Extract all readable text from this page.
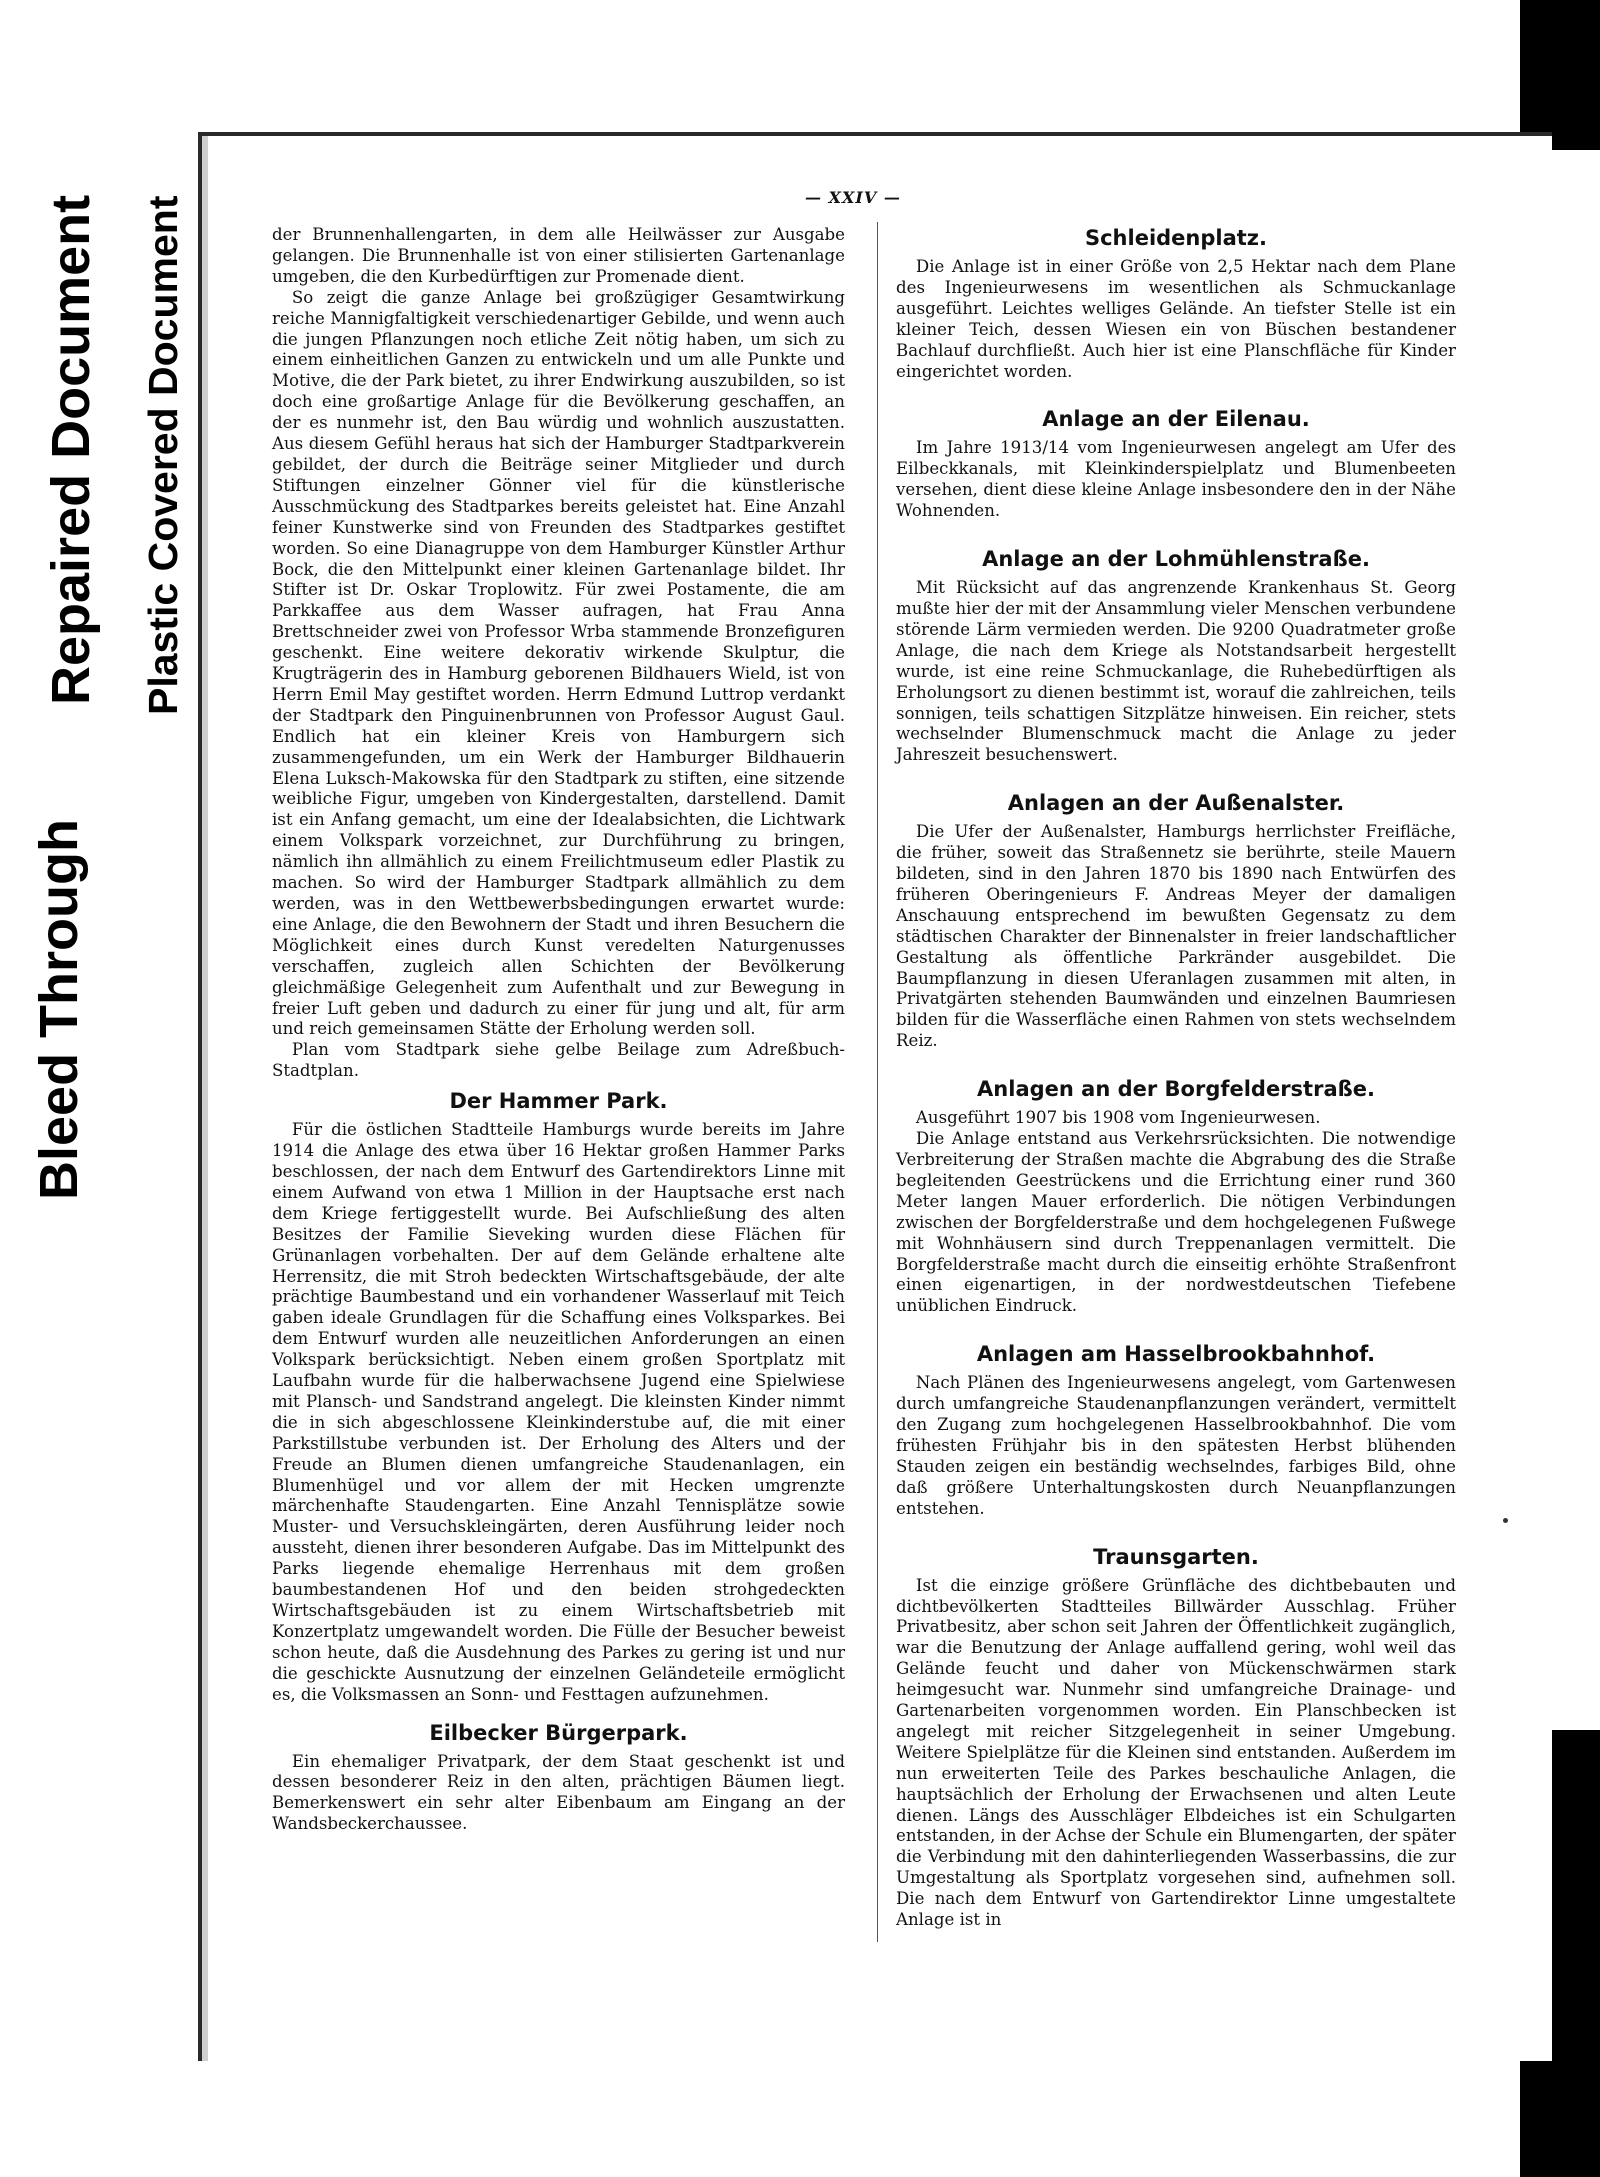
Bleed Through
Repaired Document Plastic Covered Document	— XXIV —

der Brunnenhallengarten, in dem alle Heilwässer zur Ausgabe gelangen. Die Brunnenhalle ist von einer stilisierten Gartenanlage umgeben, die den Kurbedürftigen zur Promenade dient.

So zeigt die ganze Anlage bei großzügiger Gesamtwirkung reiche Mannigfaltigkeit verschiedenartiger Gebilde, und wenn auch die jungen Pflanzungen noch etliche Zeit nötig haben, um sich zu einem einheitlichen Ganzen zu entwickeln und um alle Punkte und Motive, die der Park bietet, zu ihrer Endwirkung auszubilden, so ist doch eine großartige Anlage für die Bevölkerung geschaffen, an der es nunmehr ist, den Bau würdig und wohnlich auszustatten. Aus diesem Gefühl heraus hat sich der Hamburger Stadtparkverein gebildet, der durch die Beiträge seiner Mitglieder und durch Stiftungen einzelner Gönner viel für die künstlerische Ausschmückung des Stadtparkes bereits geleistet hat. Eine Anzahl feiner Kunstwerke sind von Freunden des Stadtparkes gestiftet worden. So eine Dianagruppe von dem Hamburger Künstler Arthur Bock, die den Mittelpunkt einer kleinen Gartenanlage bildet. Ihr Stifter ist Dr. Oskar Troplowitz. Für zwei Postamente, die am Parkkaffee aus dem Wasser aufragen, hat Frau Anna Brettschneider zwei von Professor Wrba stammende Bronzefiguren geschenkt. Eine weitere dekorativ wirkende Skulptur, die Krugträgerin des in Hamburg geborenen Bildhauers Wield, ist von Herrn Emil May gestiftet worden. Herrn Edmund Luttrop verdankt der Stadtpark den Pinguinenbrunnen von Professor August Gaul. Endlich hat ein kleiner Kreis von Hamburgern sich zusammengefunden, um ein Werk der Hamburger Bildhauerin Elena Luksch-Makowska für den Stadtpark zu stiften, eine sitzende weibliche Figur, umgeben von Kindergestalten, darstellend. Damit ist ein Anfang gemacht, um eine der Idealabsichten, die Lichtwark einem Volkspark vorzeichnet, zur Durchführung zu bringen, nämlich ihn allmählich zu einem Freilichtmuseum edler Plastik zu machen. So wird der Hamburger Stadtpark allmählich zu dem werden, was in den Wettbewerbsbedingungen erwartet wurde: eine Anlage, die den Bewohnern der Stadt und ihren Besuchern die Möglichkeit eines durch Kunst veredelten Naturgenusses verschaffen, zugleich allen Schichten der Bevölkerung gleichmäßige Gelegenheit zum Aufenthalt und zur Bewegung in freier Luft geben und dadurch zu einer für jung und alt, für arm und reich gemeinsamen Stätte der Erholung werden soll.

Plan vom Stadtpark siehe gelbe Beilage zum Adreßbuch-Stadtplan.

Der Hammer Park.

Für die östlichen Stadtteile Hamburgs wurde bereits im Jahre 1914 die Anlage des etwa über 16 Hektar großen Hammer Parks beschlossen, der nach dem Entwurf des Gartendirektors Linne mit einem Aufwand von etwa 1 Million in der Hauptsache erst nach dem Kriege fertiggestellt wurde. Bei Aufschließung des alten Besitzes der Familie Sieveking wurden diese Flächen für Grünanlagen vorbehalten. Der auf dem Gelände erhaltene alte Herrensitz, die mit Stroh bedeckten Wirtschaftsgebäude, der alte prächtige Baumbestand und ein vorhandener Wasserlauf mit Teich gaben ideale Grundlagen für die Schaffung eines Volksparkes. Bei dem Entwurf wurden alle neuzeitlichen Anforderungen an einen Volkspark berücksichtigt. Neben einem großen Sportplatz mit Laufbahn wurde für die halberwachsene Jugend eine Spielwiese mit Plansch- und Sandstrand angelegt. Die kleinsten Kinder nimmt die in sich abgeschlossene Kleinkinderstube auf, die mit einer Parkstillstube verbunden ist. Der Erholung des Alters und der Freude an Blumen dienen umfangreiche Staudenanlagen, ein Blumenhügel und vor allem der mit Hecken umgrenzte märchenhafte Staudengarten. Eine Anzahl Tennisplätze sowie Muster- und Versuchskleingärten, deren Ausführung leider noch aussteht, dienen ihrer besonderen Aufgabe. Das im Mittelpunkt des Parks liegende ehemalige Herrenhaus mit dem großen baumbestandenen Hof und den beiden strohgedeckten Wirtschaftsgebäuden ist zu einem Wirtschaftsbetrieb mit Konzertplatz umgewandelt worden. Die Fülle der Besucher beweist schon heute, daß die Ausdehnung des Parkes zu gering ist und nur die geschickte Ausnutzung der einzelnen Geländeteile ermöglicht es, die Volksmassen an Sonn- und Festtagen aufzunehmen.

Eilbecker Bürgerpark.

Ein ehemaliger Privatpark, der dem Staat geschenkt ist und dessen besonderer Reiz in den alten, prächtigen Bäumen liegt. Bemerkenswert ein sehr alter Eibenbaum am Eingang an der Wandsbeckerchaussee.

Schleidenplatz.

Die Anlage ist in einer Größe von 2,5 Hektar nach dem Plane des Ingenieurwesens im wesentlichen als Schmuckanlage ausgeführt. Leichtes welliges Gelände. An tiefster Stelle ist ein kleiner Teich, dessen Wiesen ein von Büschen bestandener Bachlauf durchfließt. Auch hier ist eine Planschfläche für Kinder eingerichtet worden.

Anlage an der Eilenau.

Im Jahre 1913/14 vom Ingenieurwesen angelegt am Ufer des Eilbeckkanals, mit Kleinkinderspielplatz und Blumenbeeten versehen, dient diese kleine Anlage insbesondere den in der Nähe Wohnenden.

Anlage an der Lohmühlenstraße.

Mit Rücksicht auf das angrenzende Krankenhaus St. Georg mußte hier der mit der Ansammlung vieler Menschen verbundene störende Lärm vermieden werden. Die 9200 Quadratmeter große Anlage, die nach dem Kriege als Notstandsarbeit hergestellt wurde, ist eine reine Schmuckanlage, die Ruhebedürftigen als Erholungsort zu dienen bestimmt ist, worauf die zahlreichen, teils sonnigen, teils schattigen Sitzplätze hinweisen. Ein reicher, stets wechselnder Blumenschmuck macht die Anlage zu jeder Jahreszeit besuchenswert.

Anlagen an der Außenalster.

Die Ufer der Außenalster, Hamburgs herrlichster Freifläche, die früher, soweit das Straßennetz sie berührte, steile Mauern bildeten, sind in den Jahren 1870 bis 1890 nach Entwürfen des früheren Oberingenieurs F. Andreas Meyer der damaligen Anschauung entsprechend im bewußten Gegensatz zu dem städtischen Charakter der Binnenalster in freier landschaftlicher Gestaltung als öffentliche Parkränder ausgebildet. Die Baumpflanzung in diesen Uferanlagen zusammen mit alten, in Privatgärten stehenden Baumwänden und einzelnen Baumriesen bilden für die Wasserfläche einen Rahmen von stets wechselndem Reiz.

Anlagen an der Borgfelderstraße.

Ausgeführt 1907 bis 1908 vom Ingenieurwesen.

Die Anlage entstand aus Verkehrsrücksichten. Die notwendige Verbreiterung der Straßen machte die Abgrabung des die Straße begleitenden Geestrückens und die Errichtung einer rund 360 Meter langen Mauer erforderlich. Die nötigen Verbindungen zwischen der Borgfelderstraße und dem hochgelegenen Fußwege mit Wohnhäusern sind durch Treppenanlagen vermittelt. Die Borgfelderstraße macht durch die einseitig erhöhte Straßenfront einen eigenartigen, in der nordwestdeutschen Tiefebene unüblichen Eindruck.

Anlagen am Hasselbrookbahnhof.

Nach Plänen des Ingenieurwesens angelegt, vom Gartenwesen durch umfangreiche Staudenanpflanzungen verändert, vermittelt den Zugang zum hochgelegenen Hasselbrookbahnhof. Die vom frühesten Frühjahr bis in den spätesten Herbst blühenden Stauden zeigen ein beständig wechselndes, farbiges Bild, ohne daß größere Unterhaltungskosten durch Neuanpflanzungen entstehen.

Traunsgarten.

Ist die einzige größere Grünfläche des dichtbebauten und dichtbevölkerten Stadtteiles Billwärder Ausschlag. Früher Privatbesitz, aber schon seit Jahren der Öffentlichkeit zugänglich, war die Benutzung der Anlage auffallend gering, wohl weil das Gelände feucht und daher von Mückenschwärmen stark heimgesucht war. Nunmehr sind umfangreiche Drainage- und Gartenarbeiten vorgenommen worden. Ein Planschbecken ist angelegt mit reicher Sitzgelegenheit in seiner Umgebung. Weitere Spielplätze für die Kleinen sind entstanden. Außerdem im nun erweiterten Teile des Parkes beschauliche Anlagen, die hauptsächlich der Erholung der Erwachsenen und alten Leute dienen. Längs des Ausschläger Elbdeiches ist ein Schulgarten entstanden, in der Achse der Schule ein Blumengarten, der später die Verbindung mit den dahinterliegenden Wasserbassins, die zur Umgestaltung als Sportplatz vorgesehen sind, aufnehmen soll. Die nach dem Entwurf von Gartendirektor Linne umgestaltete Anlage ist in
